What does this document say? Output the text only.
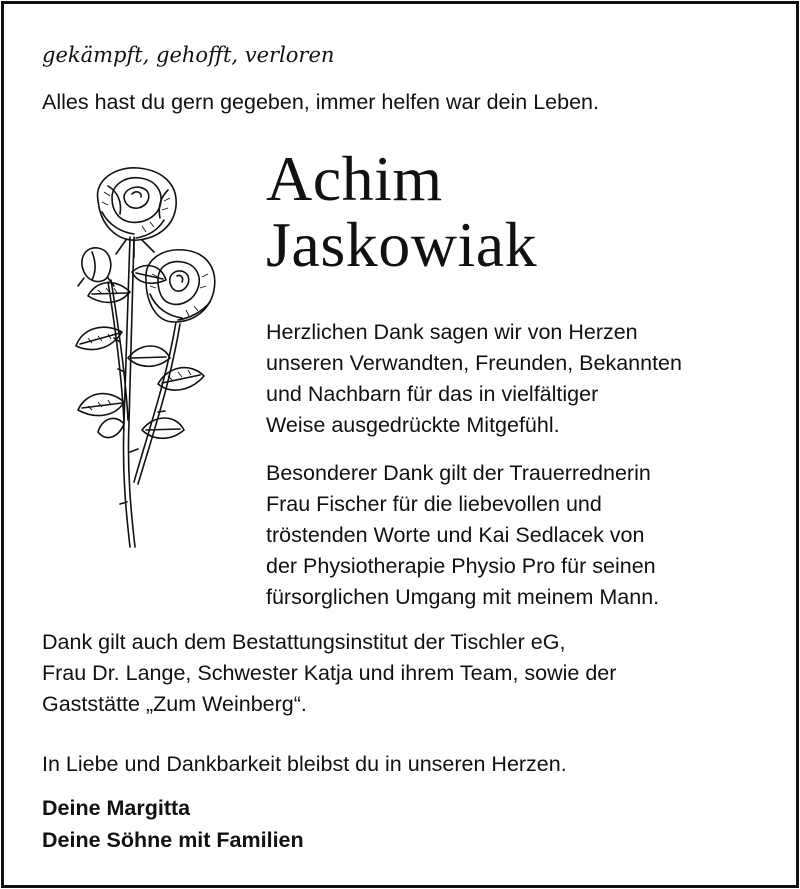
gekämpft, gehofft, verloren
Alles hast du gern gegeben, immer helfen war dein Leben.
Achim
Jaskowiak

Herzlichen Dank sagen wir von Herzen
unseren Verwandten, Freunden, Bekannten
und Nachbarn für das in vielfältiger
Weise ausgedrückte Mitgefühl.

Besonderer Dank gilt der Trauerrednerin
Frau Fischer für die liebevollen und
tröstenden Worte und Kai Sedlacek von
der Physiotherapie Physio Pro für seinen
fürsorglichen Umgang mit meinem Mann.

Dank gilt auch dem Bestattungsinstitut der Tischler eG,
Frau Dr. Lange, Schwester Katja und ihrem Team, sowie der
Gaststätte „Zum Weinberg“.

In Liebe und Dankbarkeit bleibst du in unseren Herzen.

Deine Margitta
Deine Söhne mit Familien
